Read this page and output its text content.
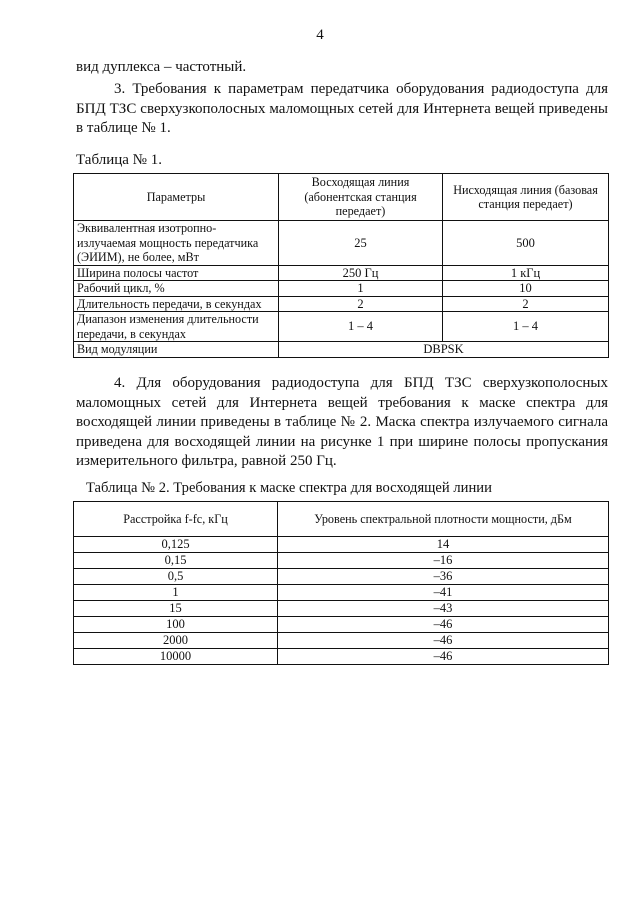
4
вид дуплекса – частотный.
3. Требования к параметрам передатчика оборудования радиодоступа для БПД ТЗС сверхузкополосных маломощных сетей для Интернета вещей приведены в таблице № 1.
Таблица № 1.
Параметры	Восходящая линия (абонентская станция передает)	Нисходящая линия (базовая станция передает)
Эквивалентная изотропно-излучаемая мощность передатчика (ЭИИМ), не более, мВт	25	500
Ширина полосы частот	250 Гц	1 кГц
Рабочий цикл, %	1	10
Длительность передачи, в секундах	2	2
Диапазон изменения длительности передачи, в секундах	1 – 4	1 – 4
Вид модуляции	DBPSK	
4. Для оборудования радиодоступа для БПД ТЗС сверхузкополосных маломощных сетей для Интернета вещей требования к маске спектра для восходящей линии приведены в таблице № 2. Маска спектра излучаемого сигнала приведена для восходящей линии на рисунке 1 при ширине полосы пропускания измерительного фильтра, равной 250 Гц.
Таблица № 2. Требования к маске спектра для восходящей линии
Расстройка f-fc, кГц	Уровень спектральной плотности мощности, дБм
0,125	14
0,15	–16
0,5	–36
1	–41
15	–43
100	–46
2000	–46
10000	–46
